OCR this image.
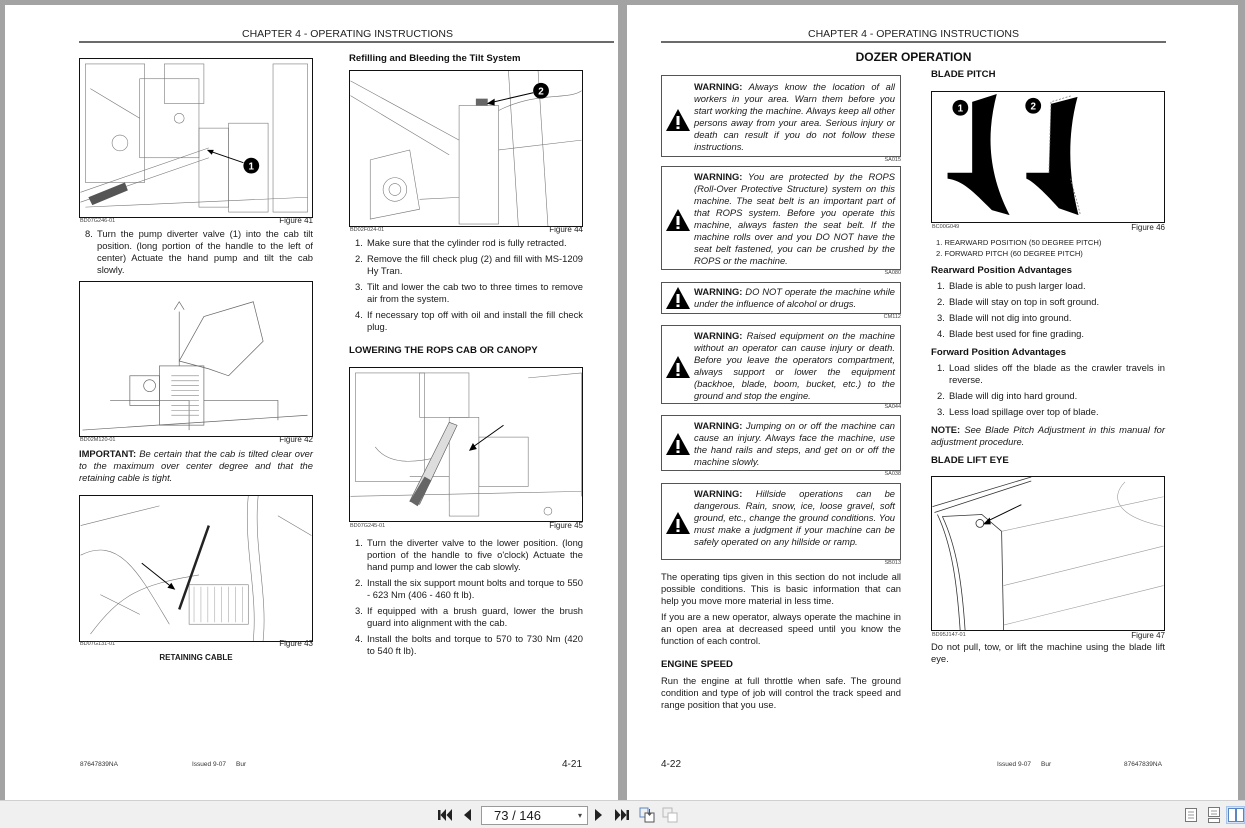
CHAPTER 4 - OPERATING INSTRUCTIONS
1
BD07G246-01	Figure 41
8. Turn the pump diverter valve (1) into the cab tilt position. (long portion of the handle to the left of center) Actuate the hand pump and tilt the cab slowly.
BD02M120-01	Figure 42
IMPORTANT: Be certain that the cab is tilted clear over to the maximum over center degree and that the retaining cable is tight.
BD07G131-01	Figure 43
RETAINING CABLE
Refilling and Bleeding the Tilt System
2
BD02F024-01	Figure 44
1. Make sure that the cylinder rod is fully retracted.
2. Remove the fill check plug (2) and fill with MS-1209 Hy Tran.
3. Tilt and lower the cab two to three times to remove air from the system.
4. If necessary top off with oil and install the fill check plug.
LOWERING THE ROPS CAB OR CANOPY
BD07G245-01	Figure 45
1. Turn the diverter valve to the lower position. (long portion of the handle to five o'clock) Actuate the hand pump and lower the cab slowly.
2. Install the six support mount bolts and torque to 550 - 623 Nm (406 - 460 ft lb).
3. If equipped with a brush guard, lower the brush guard into alignment with the cab.
4. Install the bolts and torque to 570 to 730 Nm (420 to 540 ft lb).
87647839NA	Issued 9-07 Bur	4-21
CHAPTER 4 - OPERATING INSTRUCTIONS
DOZER OPERATION
WARNING: Always know the location of all workers in your area. Warn them before you start working the machine. Always keep all other persons away from your area. Serious injury or death can result if you do not follow these instructions.
SA015
WARNING: You are protected by the ROPS (Roll-Over Protective Structure) system on this machine. The seat belt is an important part of that ROPS system. Before you operate this machine, always fasten the seat belt. If the machine rolls over and you DO NOT have the seat belt fastened, you can be crushed by the ROPS or the machine.
SA080
WARNING: DO NOT operate the machine while under the influence of alcohol or drugs.
CM112
WARNING: Raised equipment on the machine without an operator can cause injury or death. Before you leave the operators compartment, always support or lower the equipment (backhoe, blade, boom, bucket, etc.) to the ground and stop the engine.
SA044
WARNING: Jumping on or off the machine can cause an injury. Always face the machine, use the hand rails and steps, and get on or off the machine slowly.
SA038
WARNING: Hillside operations can be dangerous. Rain, snow, ice, loose gravel, soft ground, etc., change the ground conditions. You must make a judgment if your machine can be safely operated on any hillside or ramp.
SB013
The operating tips given in this section do not include all possible conditions. This is basic information that can help you move more material in less time.
If you are a new operator, always operate the machine in an open area at decreased speed until you know the function of each control.
ENGINE SPEED
Run the engine at full throttle when safe. The ground condition and type of job will control the track speed and range position that you use.
BLADE PITCH
1	2
BC00G049	Figure 46
1. REARWARD POSITION (50 DEGREE PITCH)
2. FORWARD PITCH (60 DEGREE PITCH)
Rearward Position Advantages
1. Blade is able to push larger load.
2. Blade will stay on top in soft ground.
3. Blade will not dig into ground.
4. Blade best used for fine grading.
Forward Position Advantages
1. Load slides off the blade as the crawler travels in reverse.
2. Blade will dig into hard ground.
3. Less load spillage over top of blade.
NOTE: See Blade Pitch Adjustment in this manual for adjustment procedure.
BLADE LIFT EYE
BD95J147-01	Figure 47
Do not pull, tow, or lift the machine using the blade lift eye.
4-22	Issued 9-07 Bur	87647839NA
73 / 146	▾
